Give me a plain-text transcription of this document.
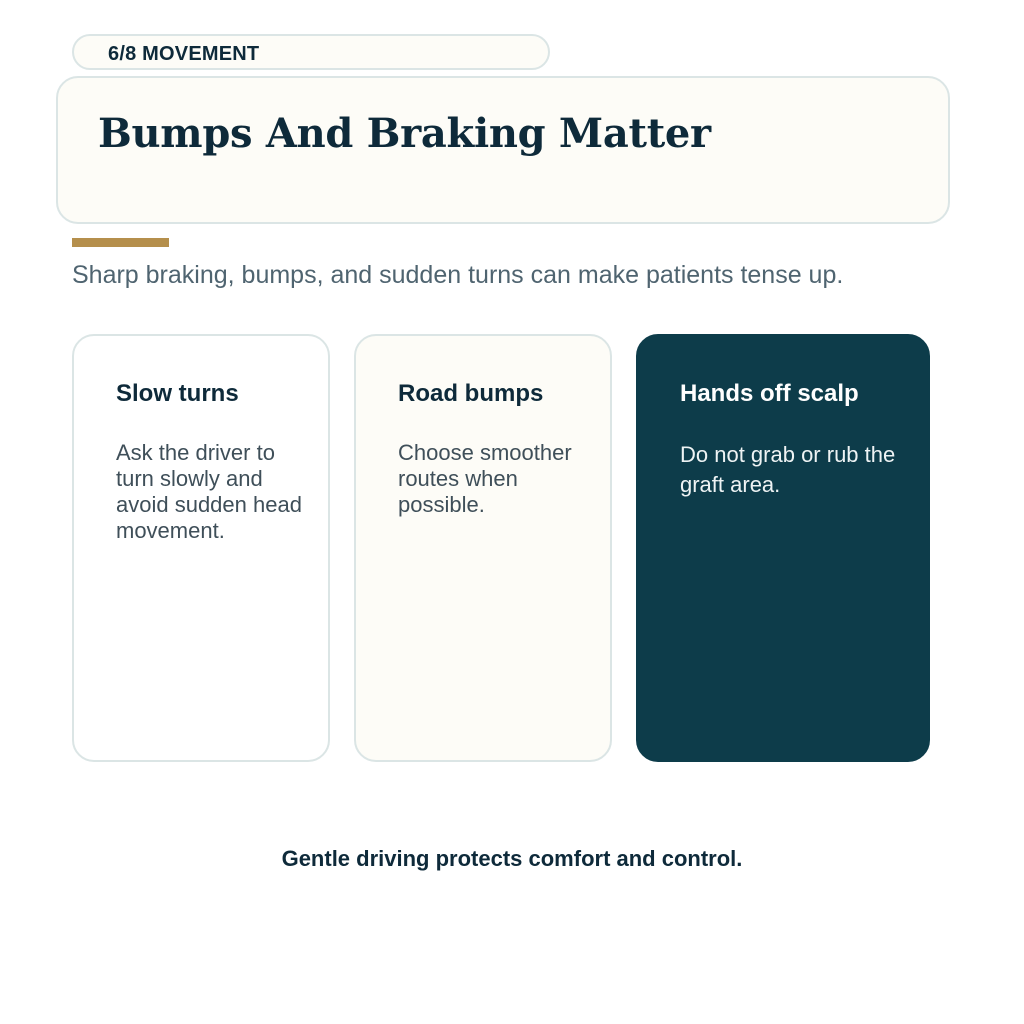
6/8 MOVEMENT
Bumps And Braking Matter
Sharp braking, bumps, and sudden turns can make patients tense up.
Slow turns
Ask the driver to turn slowly and avoid sudden head movement.
Road bumps
Choose smoother routes when possible.
Hands off scalp
Do not grab or rub the graft area.
Gentle driving protects comfort and control.
